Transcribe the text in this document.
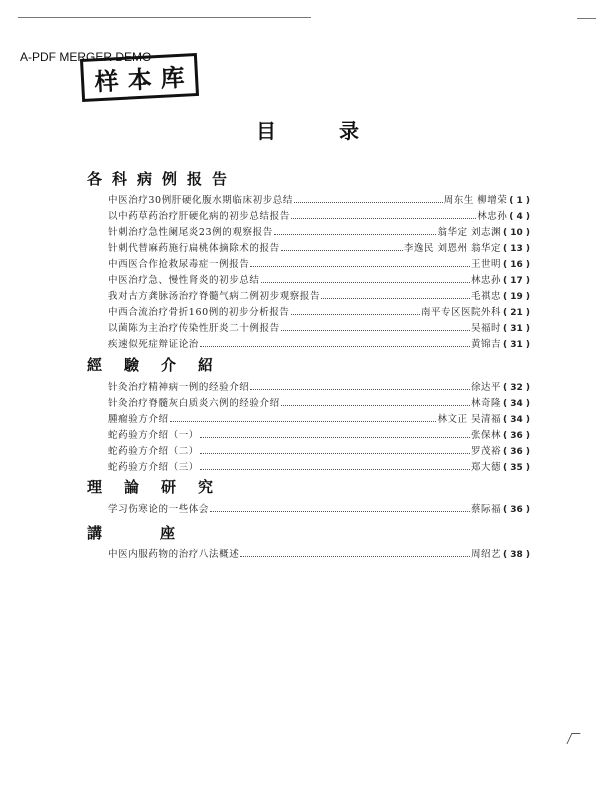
A-PDF MERGER DEMO
样 本 库
目	录
各科病例报告
中医治疗30例肝硬化腹水期临床初步总结	周东生 柳增荣 ( 1 )
以中药草药治疗肝硬化病的初步总结报告	林忠孙 ( 4 )
针刺治疗急性阑尾炎23例的观察报告	翁华定 刘志渊 ( 10 )
针刺代替麻药施行扁桃体摘除术的报告	李逸民 刘恩州 翁华定 ( 13 )
中西医合作抢救尿毒症一例报告	王世明 ( 16 )
中医治疗急、慢性肾炎的初步总结	林忠孙 ( 17 )
我对古方龚脉汤治疗脊髓气病二例初步观察报告	毛祺忠 ( 19 )
中西合流治疗骨折160例的初步分析报告	南平专区医院外科 ( 21 )
以菌陈为主治疗传染性肝炎二十例报告	吴福时 ( 31 )
疾速似死症辩证论治	黄锦吉 ( 31 )
經驗介紹
针灸治疗精神病一例的经验介绍	徐达平 ( 32 )
针灸治疗脊髓灰白质炎六例的经验介绍	林奇隆 ( 34 )
腫瘤验方介绍	林文正 吴清福 ( 34 )
蛇药验方介绍（一）	张保林 ( 36 )
蛇药验方介绍（二）	罗茂裕 ( 36 )
蛇药验方介绍（三）	郑大德 ( 35 )
理論研究
学习伤寒论的一些体会	蔡际福 ( 36 )
講座
中医内服药物的治疗八法概述	周绍艺 ( 38 )
